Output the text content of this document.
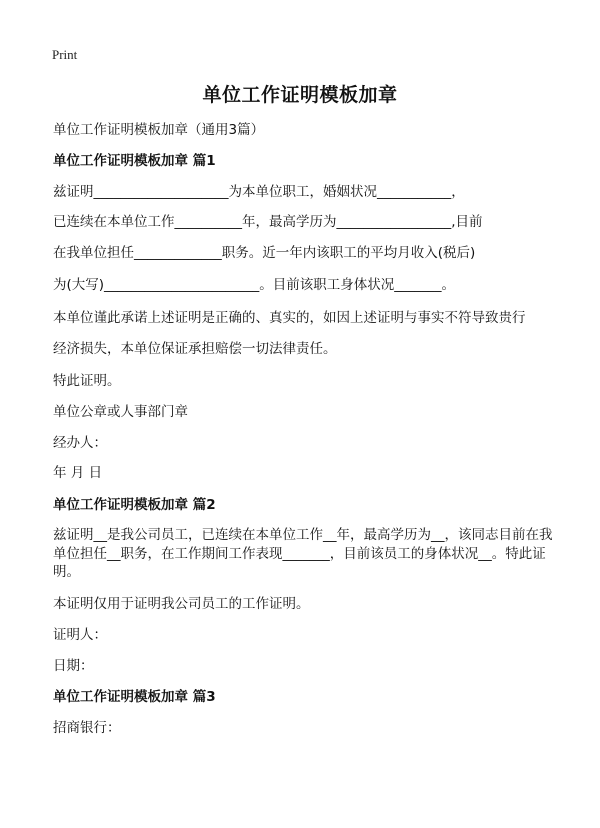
Print
单位工作证明模板加章
单位工作证明模板加章（通用3篇）
单位工作证明模板加章 篇1
兹证明____________________为本单位职工，婚姻状况___________，
已连续在本单位工作__________年，最高学历为_________________,目前
在我单位担任_____________职务。近一年内该职工的平均月收入(税后)
为(大写)_______________________。目前该职工身体状况_______。
本单位谨此承诺上述证明是正确的、真实的，如因上述证明与事实不符导致贵行
经济损失，本单位保证承担赔偿一切法律责任。
特此证明。
单位公章或人事部门章
经办人：
年 月 日
单位工作证明模板加章 篇2
兹证明__是我公司员工，已连续在本单位工作__年，最高学历为__，该同志目前在我单位担任__职务，在工作期间工作表现_______，目前该员工的身体状况__。特此证明。
本证明仅用于证明我公司员工的工作证明。
证明人：
日期：
单位工作证明模板加章 篇3
招商银行：
